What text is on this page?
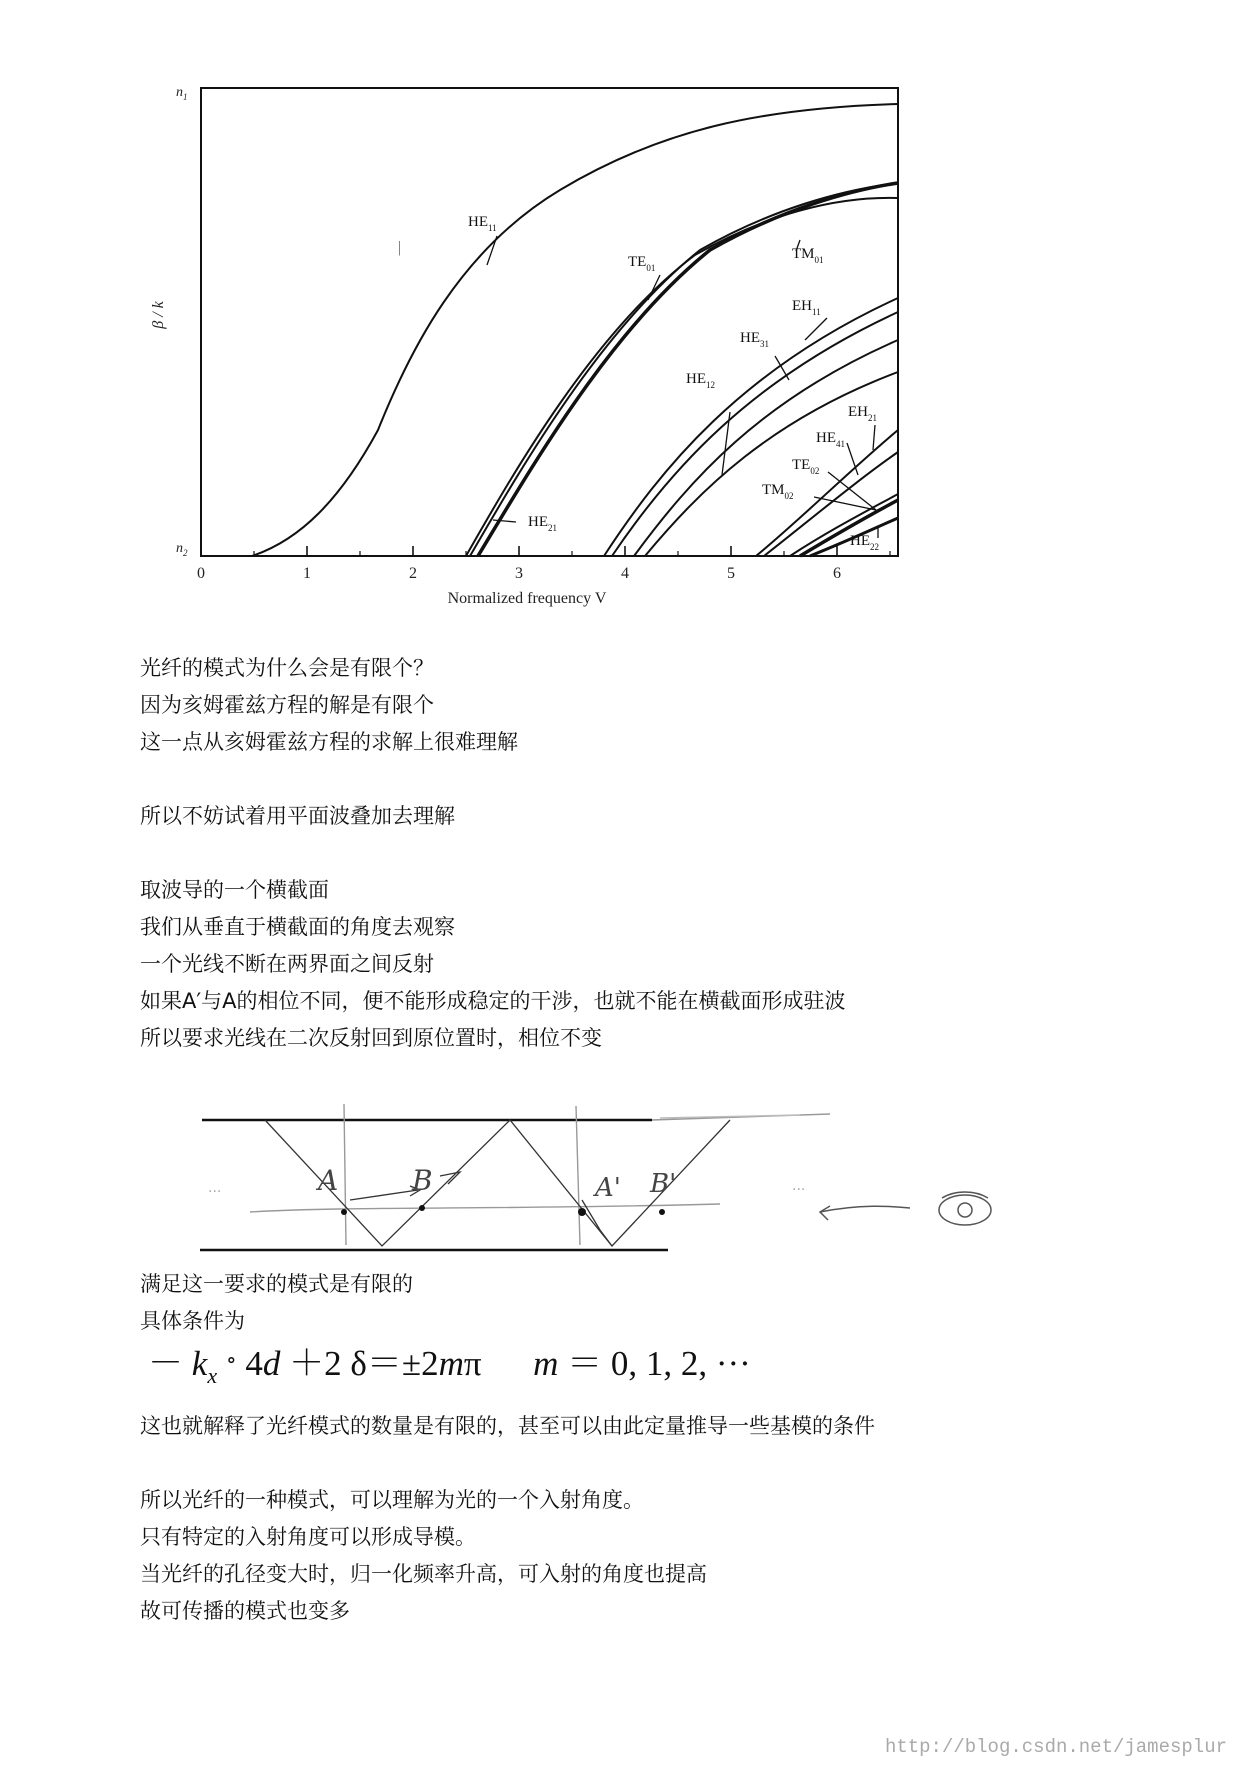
$n_1$
$n_2$
β / k
0	1	2	3	4	5	6
Normalized frequency V
$HE_{11}$
$TE_{01}$
$TM_{01}$
$EH_{11}$
$HE_{31}$
$HE_{12}$
$EH_{21}$
$HE_{41}$
$TE_{02}$
$TM_{02}$
$HE_{21}$
$HE_{22}$
|
光纤的模式为什么会是有限个？
因为亥姆霍兹方程的解是有限个
这一点从亥姆霍兹方程的求解上很难理解

所以不妨试着用平面波叠加去理解

取波导的一个横截面
我们从垂直于横截面的角度去观察
一个光线不断在两界面之间反射
如果A′与A的相位不同，便不能形成稳定的干涉，也就不能在横截面形成驻波
所以要求光线在二次反射回到原位置时，相位不变
A	B	A' B'
...	...
满足这一要求的模式是有限的
具体条件为
－ $k_x$ ∘ 4d ＋2 δ＝±2mπ m ＝ 0, 1, 2, ···
这也就解释了光纤模式的数量是有限的，甚至可以由此定量推导一些基模的条件

所以光纤的一种模式，可以理解为光的一个入射角度。
只有特定的入射角度可以形成导模。
当光纤的孔径变大时，归一化频率升高，可入射的角度也提高
故可传播的模式也变多
http://blog.csdn.net/jamesplur
